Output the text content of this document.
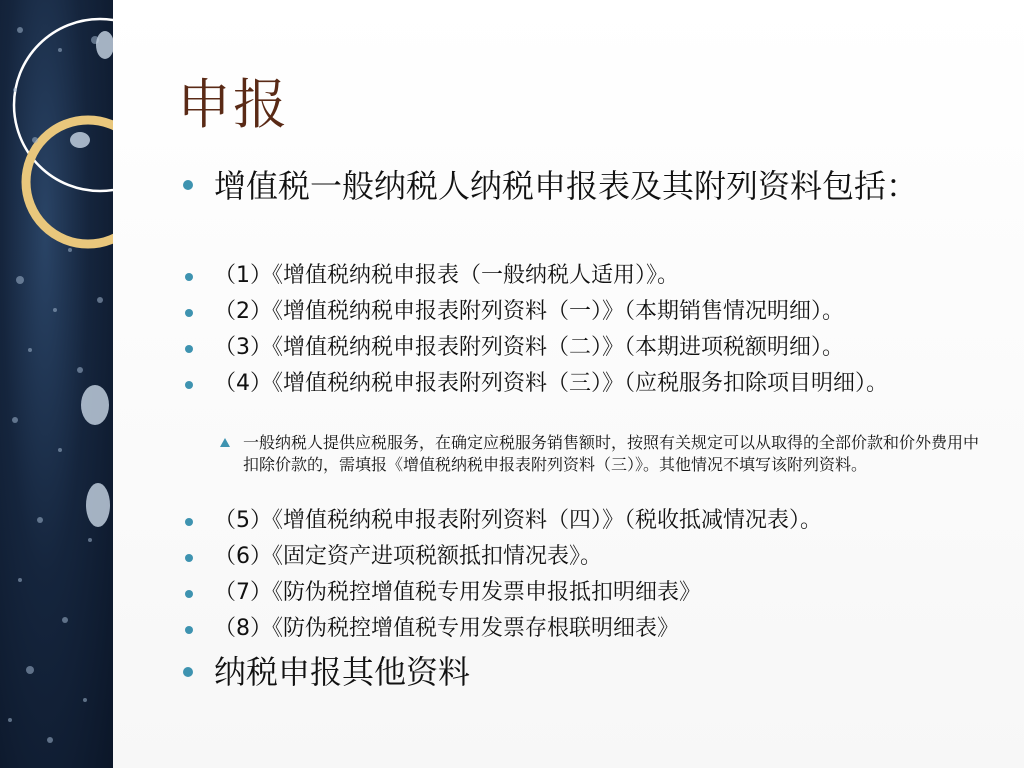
申报
增值税一般纳税人纳税申报表及其附列资料包括：
（1）《增值税纳税申报表（一般纳税人适用）》。
（2）《增值税纳税申报表附列资料（一）》（本期销售情况明细）。
（3）《增值税纳税申报表附列资料（二）》（本期进项税额明细）。
（4）《增值税纳税申报表附列资料（三）》（应税服务扣除项目明细）。
一般纳税人提供应税服务，在确定应税服务销售额时，按照有关规定可以从取得的全部价款和价外费用中扣除价款的，需填报《增值税纳税申报表附列资料（三）》。其他情况不填写该附列资料。
（5）《增值税纳税申报表附列资料（四）》（税收抵减情况表）。
（6）《固定资产进项税额抵扣情况表》。
（7）《防伪税控增值税专用发票申报抵扣明细表》
（8）《防伪税控增值税专用发票存根联明细表》
纳税申报其他资料
